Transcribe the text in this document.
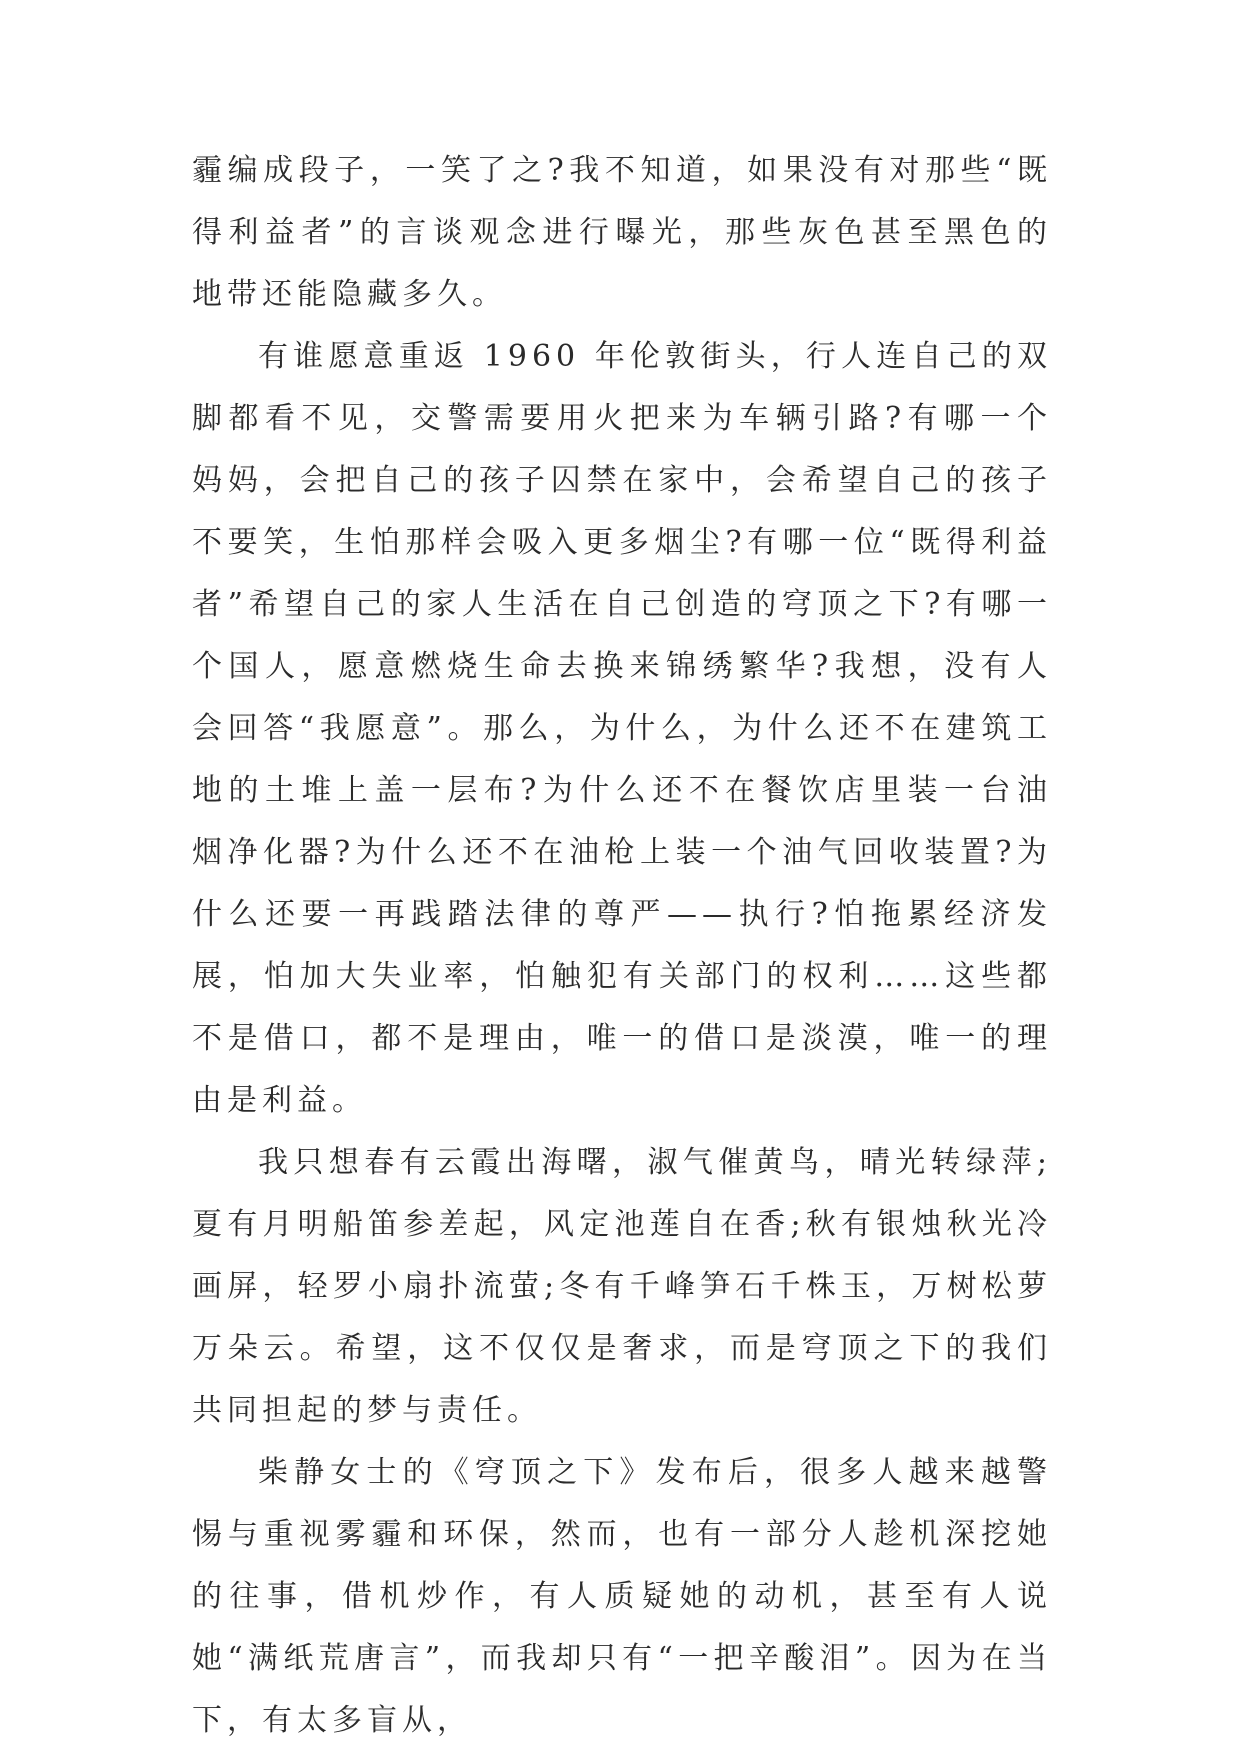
霾编成段子，一笑了之?我不知道，如果没有对那些“既得利益者”的言谈观念进行曝光，那些灰色甚至黑色的地带还能隐藏多久。

有谁愿意重返 1960 年伦敦街头，行人连自己的双脚都看不见，交警需要用火把来为车辆引路?有哪一个妈妈，会把自己的孩子囚禁在家中，会希望自己的孩子不要笑，生怕那样会吸入更多烟尘?有哪一位“既得利益者”希望自己的家人生活在自己创造的穹顶之下?有哪一个国人，愿意燃烧生命去换来锦绣繁华?我想，没有人会回答“我愿意”。那么，为什么，为什么还不在建筑工地的土堆上盖一层布?为什么还不在餐饮店里装一台油烟净化器?为什么还不在油枪上装一个油气回收装置?为什么还要一再践踏法律的尊严——执行?怕拖累经济发展，怕加大失业率，怕触犯有关部门的权利……这些都不是借口，都不是理由，唯一的借口是淡漠，唯一的理由是利益。

我只想春有云霞出海曙，淑气催黄鸟，晴光转绿萍;夏有月明船笛参差起，风定池莲自在香;秋有银烛秋光冷画屏，轻罗小扇扑流萤;冬有千峰笋石千株玉，万树松萝万朵云。希望，这不仅仅是奢求，而是穹顶之下的我们共同担起的梦与责任。

柴静女士的《穹顶之下》发布后，很多人越来越警惕与重视雾霾和环保，然而，也有一部分人趁机深挖她的往事，借机炒作，有人质疑她的动机，甚至有人说她“满纸荒唐言”，而我却只有“一把辛酸泪”。因为在当下，有太多盲从，
